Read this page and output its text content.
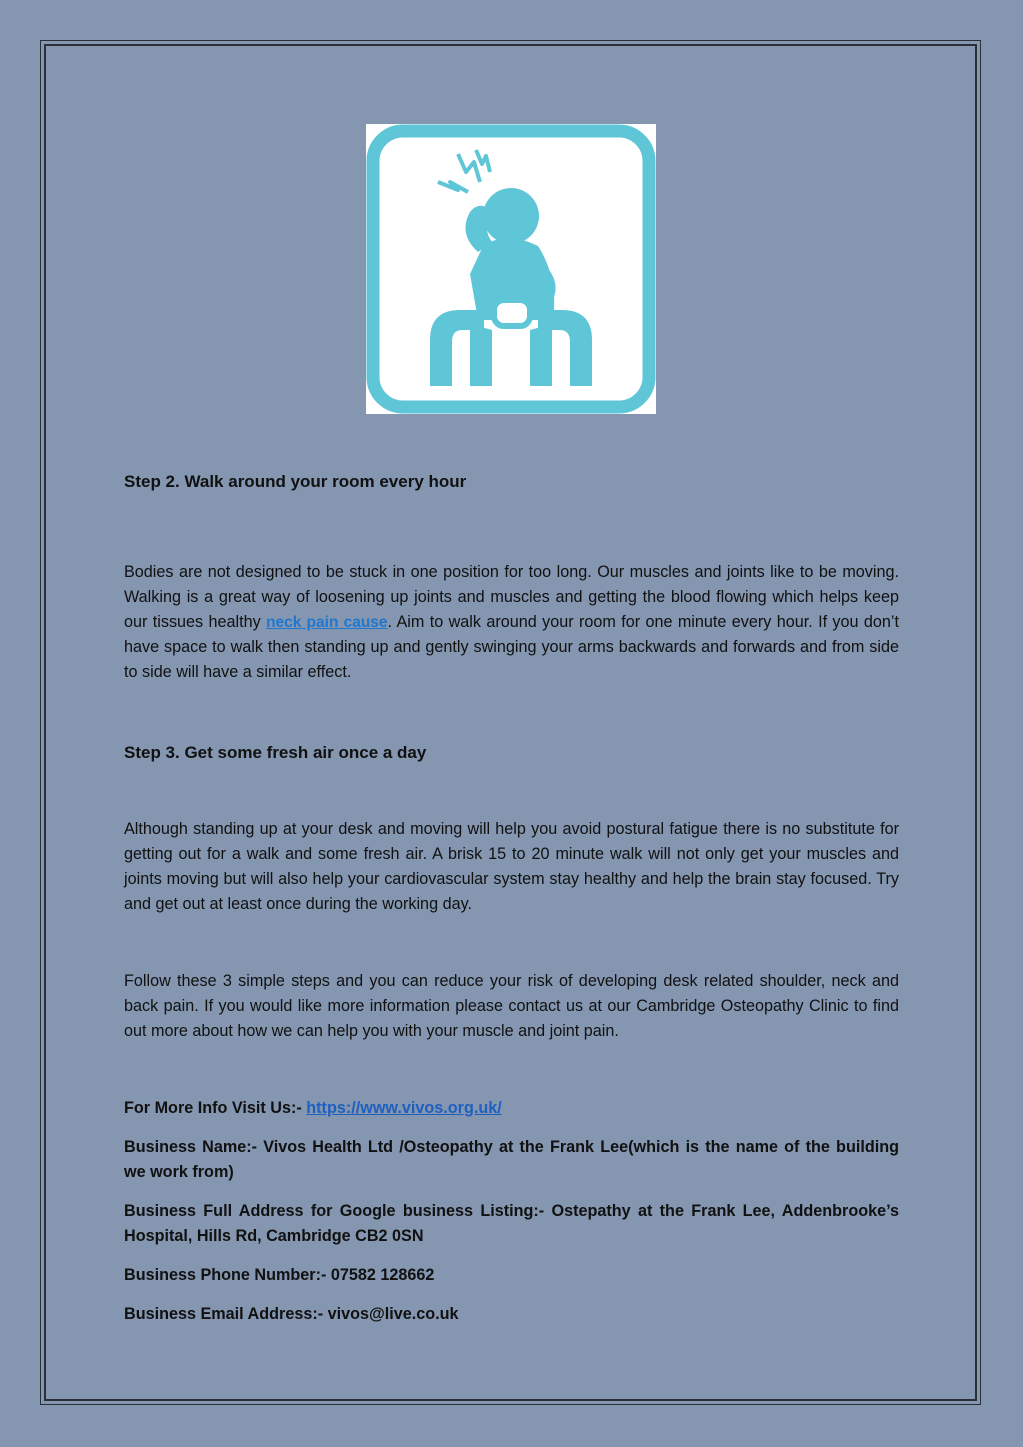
Step 2. Walk around your room every hour

Bodies are not designed to be stuck in one position for too long. Our muscles and joints like to be moving. Walking is a great way of loosening up joints and muscles and getting the blood flowing which helps keep our tissues healthy neck pain cause. Aim to walk around your room for one minute every hour. If you don’t have space to walk then standing up and gently swinging your arms backwards and forwards and from side to side will have a similar effect.

Step 3. Get some fresh air once a day

Although standing up at your desk and moving will help you avoid postural fatigue there is no substitute for getting out for a walk and some fresh air. A brisk 15 to 20 minute walk will not only get your muscles and joints moving but will also help your cardiovascular system stay healthy and help the brain stay focused. Try and get out at least once during the working day.

Follow these 3 simple steps and you can reduce your risk of developing desk related shoulder, neck and back pain. If you would like more information please contact us at our Cambridge Osteopathy Clinic to find out more about how we can help you with your muscle and joint pain.

For More Info Visit Us:- https://www.vivos.org.uk/

Business Name:- Vivos Health Ltd /Osteopathy at the Frank Lee(which is the name of the building we work from)

Business Full Address for Google business Listing:- Ostepathy at the Frank Lee, Addenbrooke’s Hospital, Hills Rd, Cambridge CB2 0SN

Business Phone Number:- 07582 128662

Business Email Address:- vivos@live.co.uk
